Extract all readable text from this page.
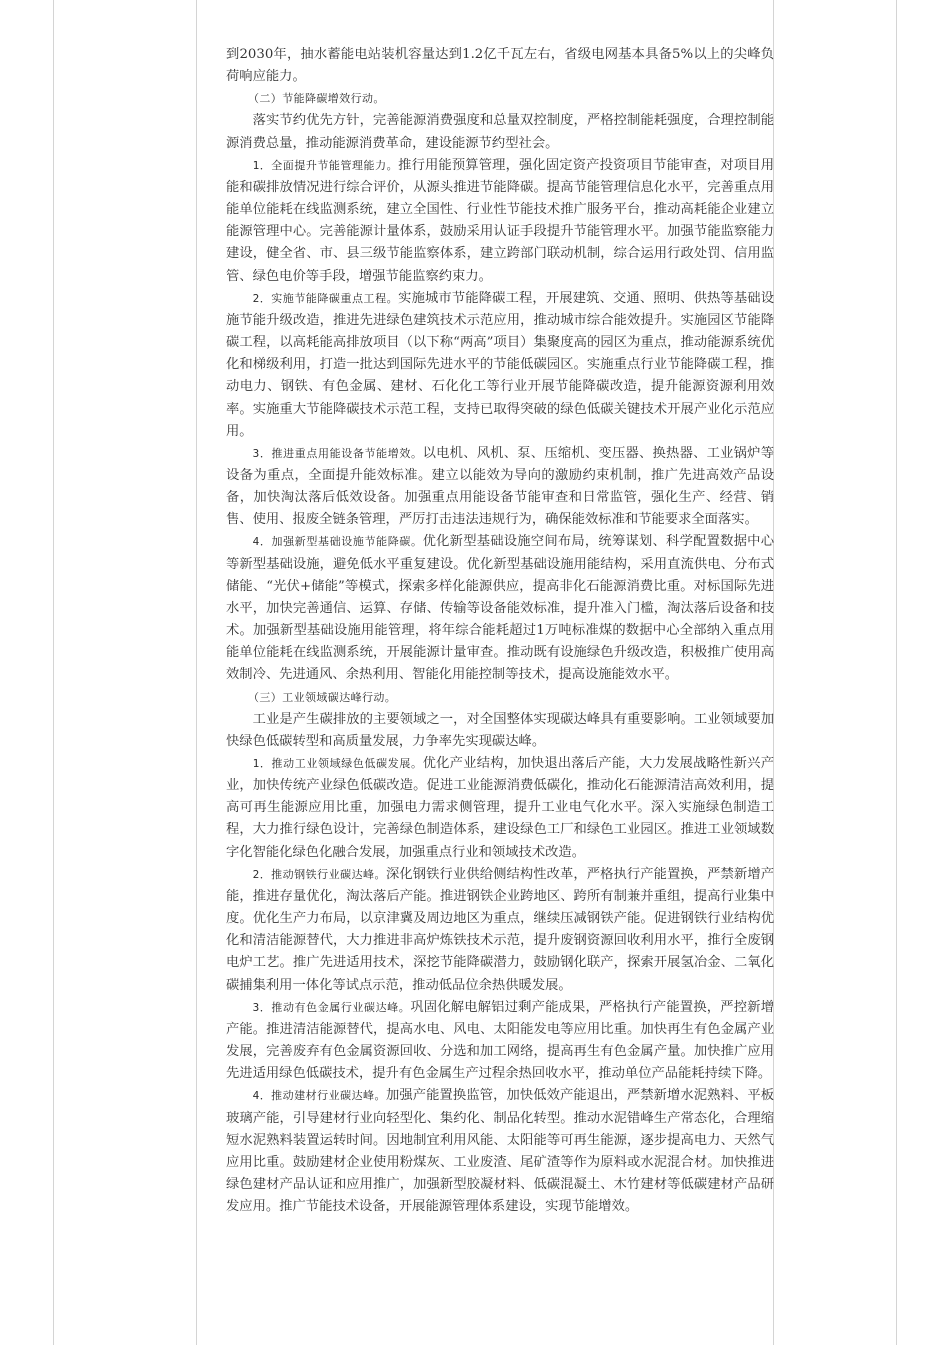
到2030年，抽水蓄能电站装机容量达到1.2亿千瓦左右，省级电网基本具备5%以上的尖峰负荷响应能力。

（二）节能降碳增效行动。

落实节约优先方针，完善能源消费强度和总量双控制度，严格控制能耗强度，合理控制能源消费总量，推动能源消费革命，建设能源节约型社会。

1．全面提升节能管理能力。推行用能预算管理，强化固定资产投资项目节能审查，对项目用能和碳排放情况进行综合评价，从源头推进节能降碳。提高节能管理信息化水平，完善重点用能单位能耗在线监测系统，建立全国性、行业性节能技术推广服务平台，推动高耗能企业建立能源管理中心。完善能源计量体系，鼓励采用认证手段提升节能管理水平。加强节能监察能力建设，健全省、市、县三级节能监察体系，建立跨部门联动机制，综合运用行政处罚、信用监管、绿色电价等手段，增强节能监察约束力。

2．实施节能降碳重点工程。实施城市节能降碳工程，开展建筑、交通、照明、供热等基础设施节能升级改造，推进先进绿色建筑技术示范应用，推动城市综合能效提升。实施园区节能降碳工程，以高耗能高排放项目（以下称“两高”项目）集聚度高的园区为重点，推动能源系统优化和梯级利用，打造一批达到国际先进水平的节能低碳园区。实施重点行业节能降碳工程，推动电力、钢铁、有色金属、建材、石化化工等行业开展节能降碳改造，提升能源资源利用效率。实施重大节能降碳技术示范工程，支持已取得突破的绿色低碳关键技术开展产业化示范应用。

3．推进重点用能设备节能增效。以电机、风机、泵、压缩机、变压器、换热器、工业锅炉等设备为重点，全面提升能效标准。建立以能效为导向的激励约束机制，推广先进高效产品设备，加快淘汰落后低效设备。加强重点用能设备节能审查和日常监管，强化生产、经营、销售、使用、报废全链条管理，严厉打击违法违规行为，确保能效标准和节能要求全面落实。

4．加强新型基础设施节能降碳。优化新型基础设施空间布局，统筹谋划、科学配置数据中心等新型基础设施，避免低水平重复建设。优化新型基础设施用能结构，采用直流供电、分布式储能、“光伏+储能”等模式，探索多样化能源供应，提高非化石能源消费比重。对标国际先进水平，加快完善通信、运算、存储、传输等设备能效标准，提升准入门槛，淘汰落后设备和技术。加强新型基础设施用能管理，将年综合能耗超过1万吨标准煤的数据中心全部纳入重点用能单位能耗在线监测系统，开展能源计量审查。推动既有设施绿色升级改造，积极推广使用高效制冷、先进通风、余热利用、智能化用能控制等技术，提高设施能效水平。

（三）工业领域碳达峰行动。

工业是产生碳排放的主要领域之一，对全国整体实现碳达峰具有重要影响。工业领域要加快绿色低碳转型和高质量发展，力争率先实现碳达峰。

1．推动工业领域绿色低碳发展。优化产业结构，加快退出落后产能，大力发展战略性新兴产业，加快传统产业绿色低碳改造。促进工业能源消费低碳化，推动化石能源清洁高效利用，提高可再生能源应用比重，加强电力需求侧管理，提升工业电气化水平。深入实施绿色制造工程，大力推行绿色设计，完善绿色制造体系，建设绿色工厂和绿色工业园区。推进工业领域数字化智能化绿色化融合发展，加强重点行业和领域技术改造。

2．推动钢铁行业碳达峰。深化钢铁行业供给侧结构性改革，严格执行产能置换，严禁新增产能，推进存量优化，淘汰落后产能。推进钢铁企业跨地区、跨所有制兼并重组，提高行业集中度。优化生产力布局，以京津冀及周边地区为重点，继续压减钢铁产能。促进钢铁行业结构优化和清洁能源替代，大力推进非高炉炼铁技术示范，提升废钢资源回收利用水平，推行全废钢电炉工艺。推广先进适用技术，深挖节能降碳潜力，鼓励钢化联产，探索开展氢冶金、二氧化碳捕集利用一体化等试点示范，推动低品位余热供暖发展。

3．推动有色金属行业碳达峰。巩固化解电解铝过剩产能成果，严格执行产能置换，严控新增产能。推进清洁能源替代，提高水电、风电、太阳能发电等应用比重。加快再生有色金属产业发展，完善废弃有色金属资源回收、分选和加工网络，提高再生有色金属产量。加快推广应用先进适用绿色低碳技术，提升有色金属生产过程余热回收水平，推动单位产品能耗持续下降。

4．推动建材行业碳达峰。加强产能置换监管，加快低效产能退出，严禁新增水泥熟料、平板玻璃产能，引导建材行业向轻型化、集约化、制品化转型。推动水泥错峰生产常态化，合理缩短水泥熟料装置运转时间。因地制宜利用风能、太阳能等可再生能源，逐步提高电力、天然气应用比重。鼓励建材企业使用粉煤灰、工业废渣、尾矿渣等作为原料或水泥混合材。加快推进绿色建材产品认证和应用推广，加强新型胶凝材料、低碳混凝土、木竹建材等低碳建材产品研发应用。推广节能技术设备，开展能源管理体系建设，实现节能增效。
